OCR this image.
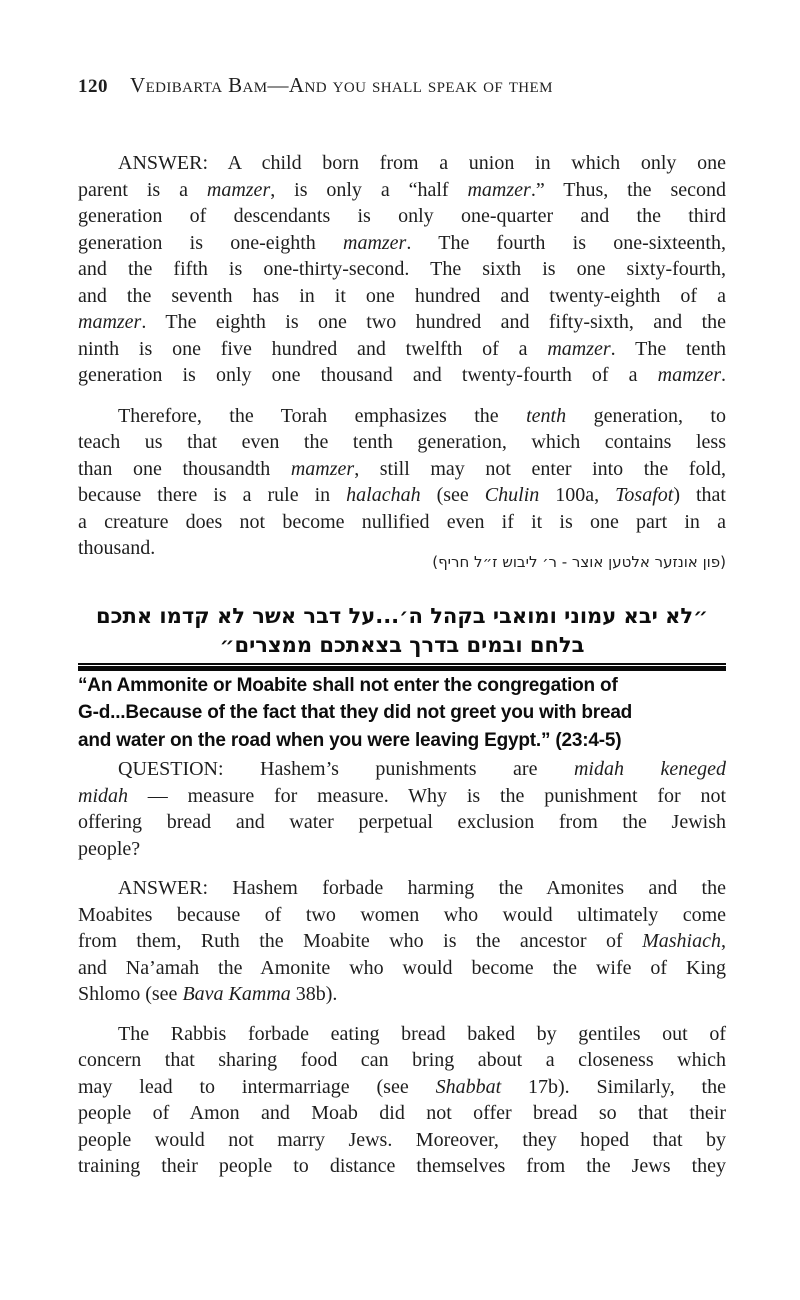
120 Vedibarta Bam—And you shall speak of them
ANSWER: A child born from a union in which only one
parent is a mamzer, is only a “half mamzer.” Thus, the second
generation of descendants is only one-quarter and the third
generation is one-eighth mamzer. The fourth is one-sixteenth,
and the fifth is one-thirty-second. The sixth is one sixty-fourth,
and the seventh has in it one hundred and twenty-eighth of a
mamzer. The eighth is one two hundred and fifty-sixth, and the
ninth is one five hundred and twelfth of a mamzer. The tenth
generation is only one thousand and twenty-fourth of a mamzer.
Therefore, the Torah emphasizes the tenth generation, to
teach us that even the tenth generation, which contains less
than one thousandth mamzer, still may not enter into the fold,
because there is a rule in halachah (see Chulin 100a, Tosafot) that
a creature does not become nullified even if it is one part in a
thousand.
(פון אונזער אלטען אוצר - ר׳ ליבוש ז״ל חריף)
״לא יבא עמוני ומואבי בקהל ה׳...על דבר אשר לא קדמו אתכם
בלחם ובמים בדרך בצאתכם ממצרים״
“An Ammonite or Moabite shall not enter the congregation of
G-d...Because of the fact that they did not greet you with bread
and water on the road when you were leaving Egypt.” (23:4-5)
QUESTION: Hashem’s punishments are midah keneged
midah — measure for measure. Why is the punishment for not
offering bread and water perpetual exclusion from the Jewish
people?
ANSWER: Hashem forbade harming the Amonites and the
Moabites because of two women who would ultimately come
from them, Ruth the Moabite who is the ancestor of Mashiach,
and Na’amah the Amonite who would become the wife of King
Shlomo (see Bava Kamma 38b).
The Rabbis forbade eating bread baked by gentiles out of
concern that sharing food can bring about a closeness which
may lead to intermarriage (see Shabbat 17b). Similarly, the
people of Amon and Moab did not offer bread so that their
people would not marry Jews. Moreover, they hoped that by
training their people to distance themselves from the Jews they
